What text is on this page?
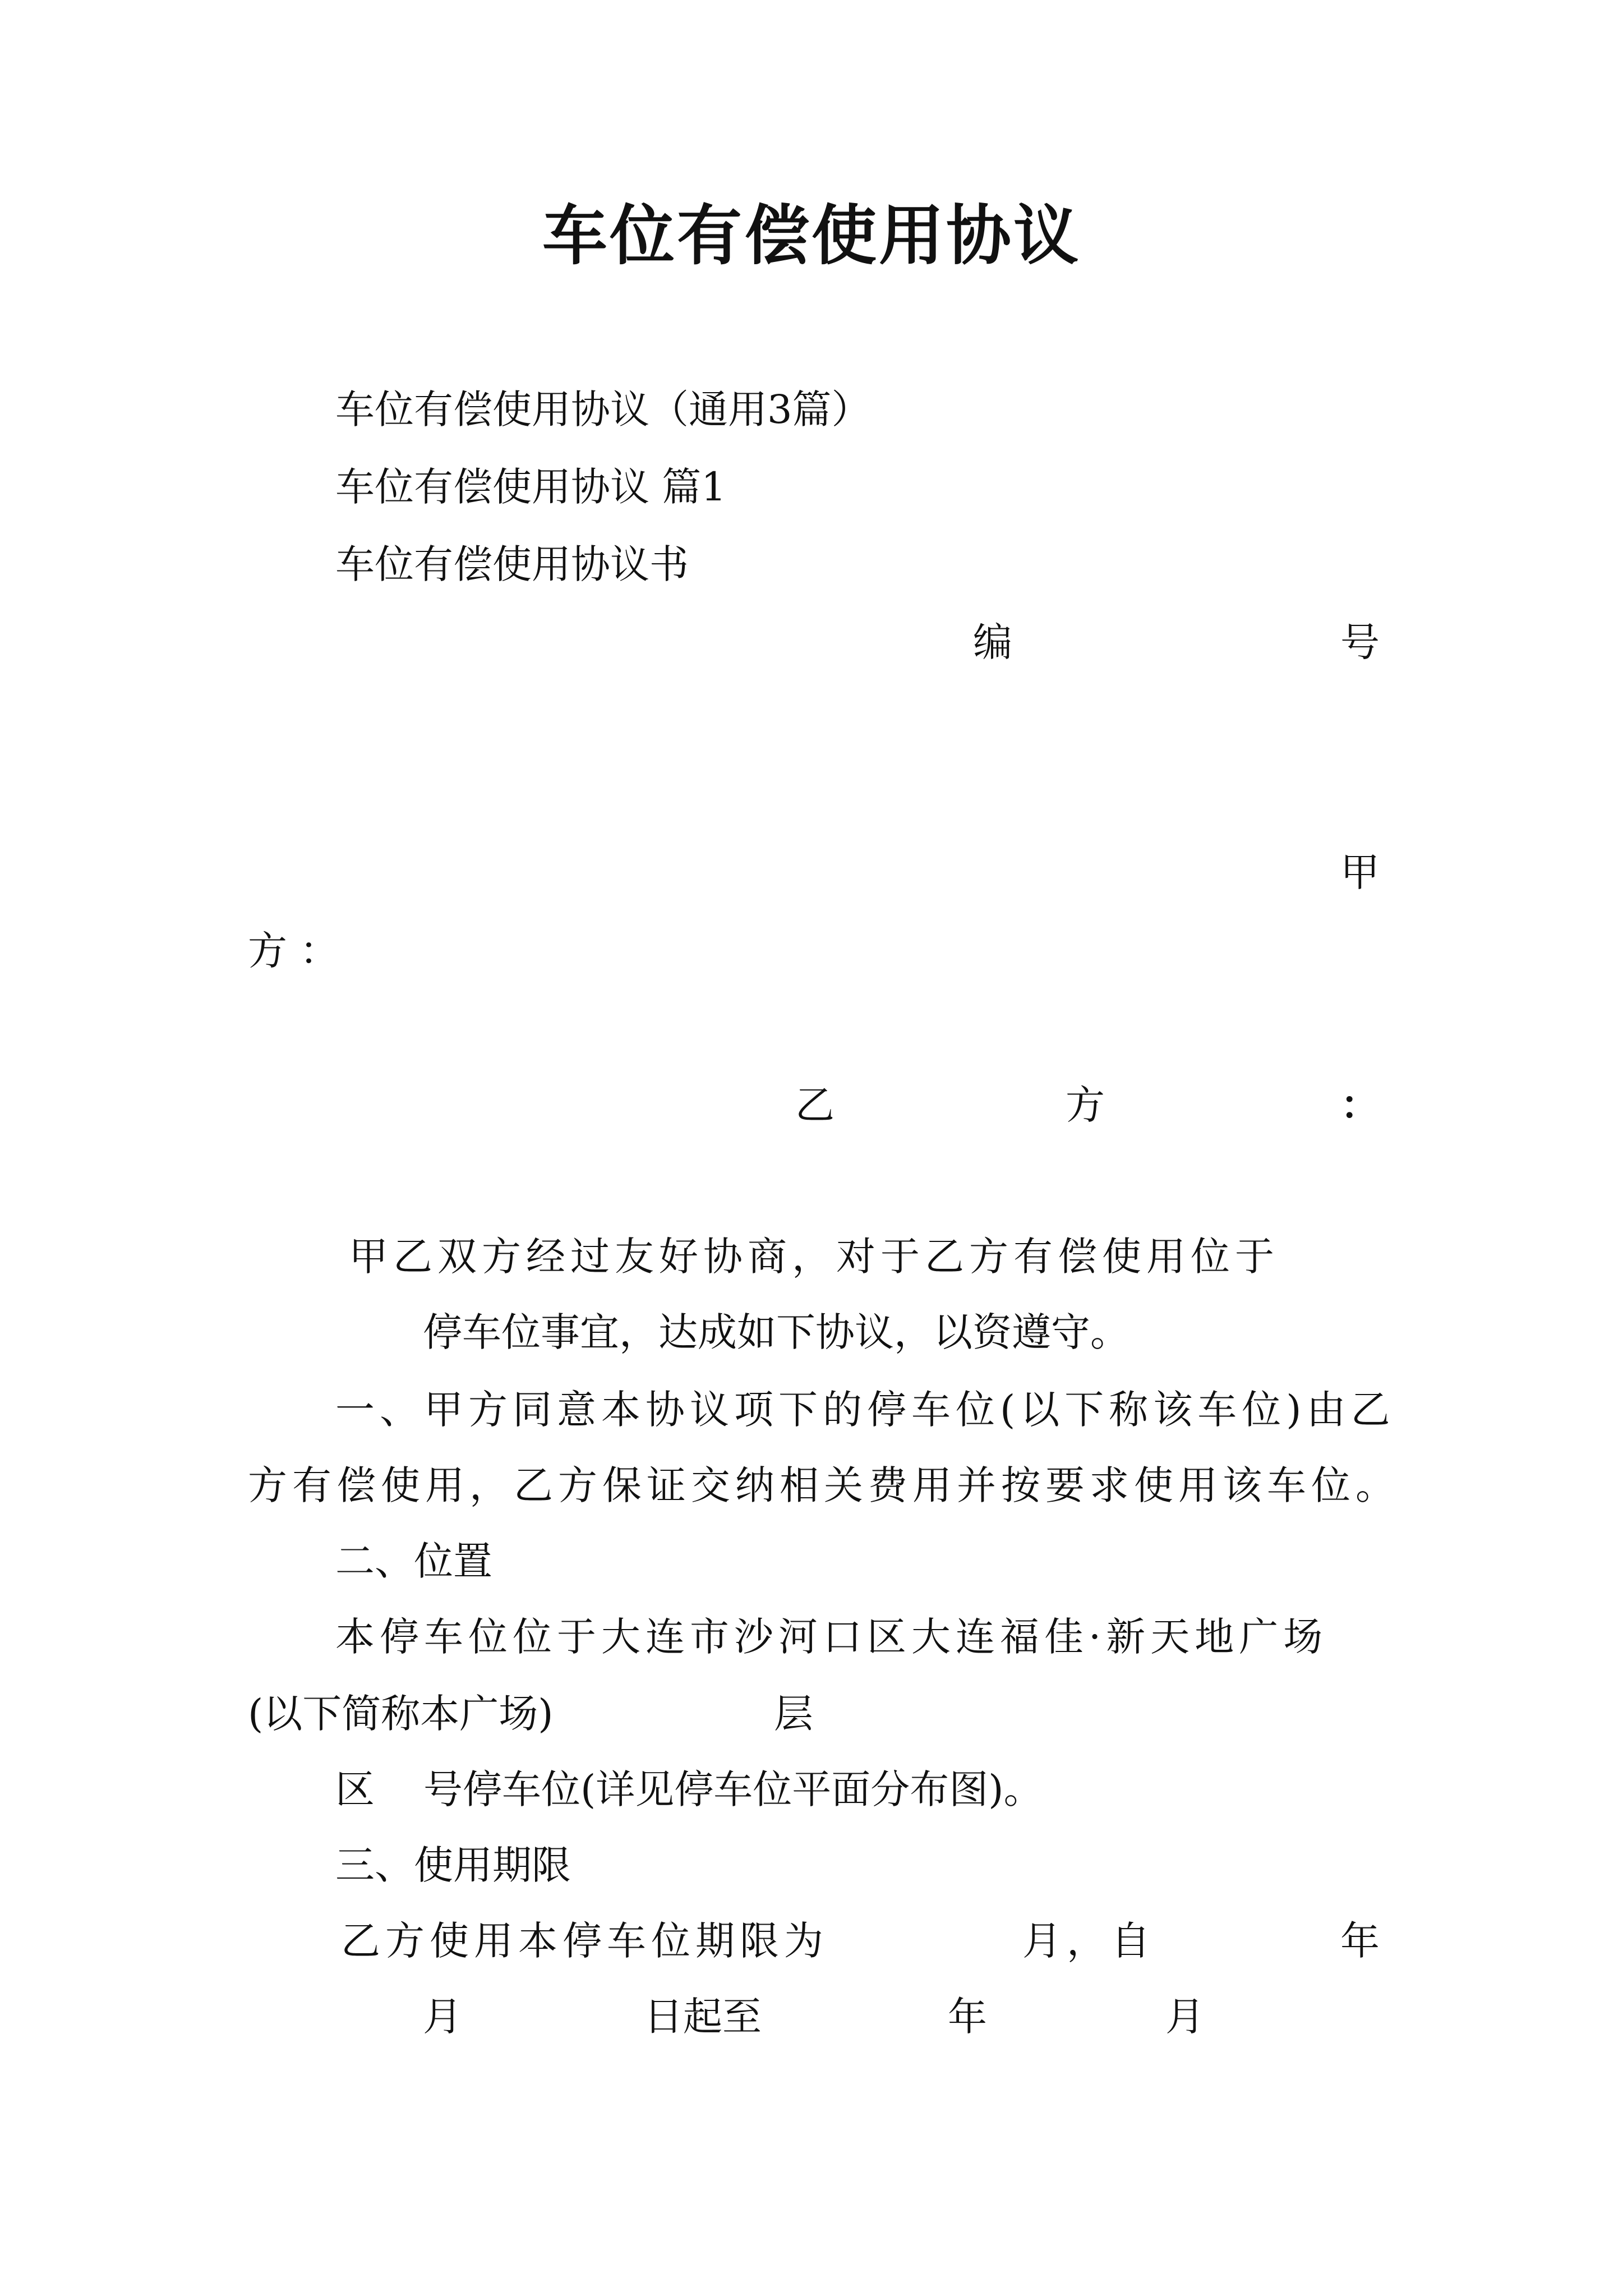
车位有偿使用协议
车位有偿使用协议（通用3篇）
车位有偿使用协议 篇1
车位有偿使用协议书
编	号
甲
方 ：
乙	方	：
甲乙双方经过友好协商，对于乙方有偿使用位于
停车位事宜，达成如下协议，以资遵守。
一、甲方同意本协议项下的停车位(以下称该车位)由乙
方有偿使用，乙方保证交纳相关费用并按要求使用该车位。
二、位置
本停车位位于大连市沙河口区大连福佳·新天地广场
(以下简称本广场)	层
区 号停车位(详见停车位平面分布图)。
三、使用期限
乙方使用本停车位期限为	月，自	年
月	日起至	年	月
